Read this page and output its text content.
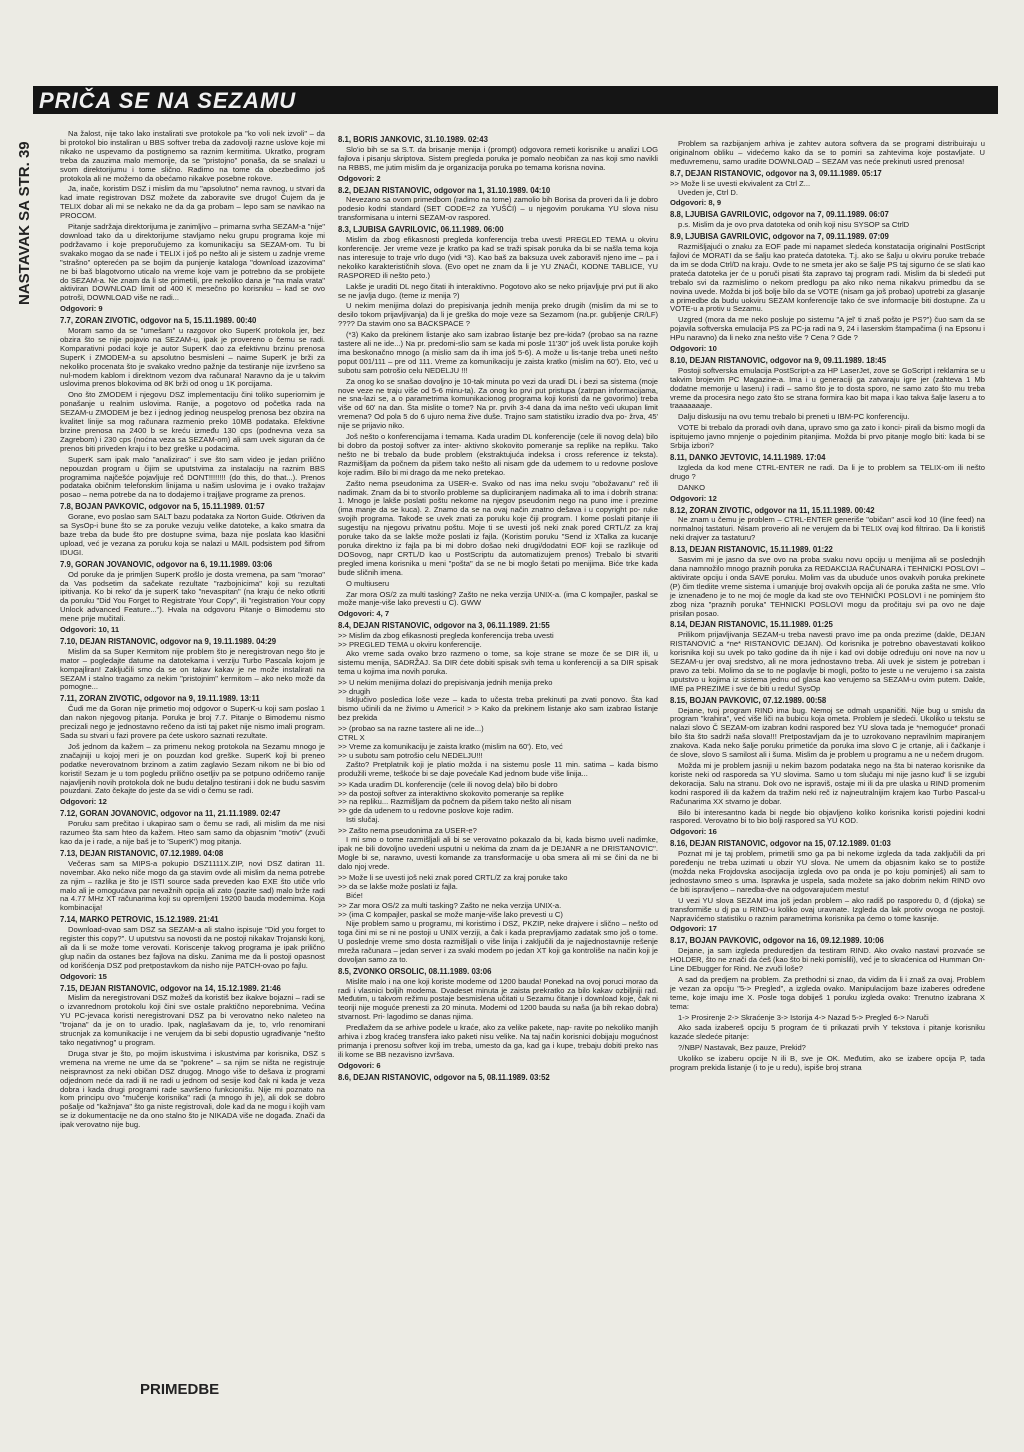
PRIČA SE NA SEZAMU
NASTAVAK SA STR. 39

Na žalost, nije tako lako instalirati sve protokole pa "ko voli nek izvoli" – da bi protokol bio instaliran u BBS softver treba da zadovolji razne uslove koje mi nikako ne uspevamo da postignemo sa raznim kermitima. Ukratko, program treba da zauzima malo memorije, da se "pristojno" ponaša, da se snalazi u svom direktorijumu i tome slično. Radimo na tome da obezbedimo još protokola ali ne možemo da obećamo nikakve posebne rokove.

Ja, inače, koristim DSZ i mislim da mu "apsolutno" nema ravnog, u stvari da kad imate registrovan DSZ možete da zaboravite sve drugo! Čujem da je TELIX dobar ali mi se nekako ne da da ga probam – lepo sam se navikao na PROCOM.

Pitanje sadržaja direktorijuma je zanimljivo – primarna svrha SEZAM-a "nije" download tako da u direktorijume stavljamo neku grupu programa koje mi podržavamo i koje preporučujemo za komunikaciju sa SEZAM-om. Tu bi svakako mogao da se nađe i TELIX i još po nešto ali je sistem u zadnje vreme "strašno" opterećen pa se bojim da punjenje kataloga "download izazovima" ne bi baš blagotvorno uticalo na vreme koje vam je potrebno da se probijete do SEZAM-a. Ne znam da li ste primetili, pre nekoliko dana je "na mala vrata" aktiviran DOWNLOAD limit od 400 K mesečno po korisniku – kad se ovo potroši, DOWNLOAD više ne radi...

Odgovori: 9
7.7, ZORAN ZIVOTIC, odgovor na 5, 15.11.1989. 00:40

Moram samo da se "umešam" u razgovor oko SuperK protokola jer, bez obzira što se nije pojavio na SEZAM-u, ipak je provereno o čemu se radi. Komparativni podaci koje je autor SuperK dao za efektivnu brzinu prenosa SuperK i ZMODEM-a su apsolutno besmisleni – naime SuperK je brži za nekoliko procenata što je svakako vredno pažnje da testiranje nije izvršeno sa nul-modem kablom i direktnom vezom dva računara! Naravno da je u takvim uslovima prenos blokovima od 8K brži od onog u 1K porcijama.

Ono što ZMODEM i njegovu DSZ implementaciju čini toliko superiornim je ponašanje u realnim uslovima. Ranije, a pogotovo od početka rada na SEZAM-u ZMODEM je bez i jednog jedinog neuspelog prenosa bez obzira na kvalitet linije sa mog računara razmenio preko 10MB podataka. Efektivne brzine prenosa na 2400 b se kreću između 130 cps (podnevna veza sa Zagrebom) i 230 cps (noćna veza sa SEZAM-om) ali sam uvek siguran da će prenos biti priveden kraju i to bez greške u podacima.

SuperK sam ipak malo "analizirao" i sve što sam video je jedan prilično nepouzdan program u čijim se uputstvima za instalaciju na raznim BBS programima najčešće pojavljuje reč DONT!!!!!!!! (do this, do that...). Prenos podataka običnim telefonskim linijama u našim uslovima je i ovako tražajav posao – nema potrebe da na to dodajemo i trajljave programe za prenos.

7.8, BOJAN PAVKOVIC, odgovor na 5, 15.11.1989. 01:57

Gorane, evo poslao sam SALT bazu podataka za Norton Guide. Otkriven da sa SysOp-i bune što se za poruke vezuju velike datoteke, a kako smatra da baze treba da bude što pre dostupne svima, baza nije poslata kao klasični upload, već je vezana za poruku koja se nalazi u MAIL podsistem pod šifrom IDUGI.

7.9, GORAN JOVANOVIC, odgovor na 6, 19.11.1989. 03:06

Od poruke da je primljen SuperK prošlo je dosta vremena, pa sam "morao" da Vas podsetim da sačekate rezultate "razbojnicima" koji su rezultati ipitivanja. Ko bi reko' da je superK tako "nevaspitan" (na kraju će neko otkriti da poruku "Did You Forget to Registrate Your Copy", ili "registration Your copy Unlock advanced Feature..."). Hvala na odgovoru Pitanje o Bimodemu sto mene prije mučitali.

Odgovori: 10, 11
7.10, DEJAN RISTANOVIC, odgovor na 9, 19.11.1989. 04:29

Mislim da sa Super Kermitom nije problem što je neregistrovan nego što je mator – pogledajte datume na datotekama i verziju Turbo Pascala kojom je kompajliran! Zaključili smo da se on takav kakav je ne može instalirati na SEZAM i stalno tragamo za nekim "pristojnim" kermitom – ako neko može da pomogne...

7.11, ZORAN ZIVOTIC, odgovor na 9, 19.11.1989. 13:11

Čudi me da Goran nije primetio moj odgovor o SuperK-u koji sam poslao 1 dan nakon njegovog pitanja. Poruka je broj 7.7. Pitanje o Bimodemu nismo precizali nego je jednostavno rečeno da isti taj paket nije nismo imali program. Sada su stvari u fazi provere pa ćete uskoro saznati rezultate.

Još jednom da kažem – za primenu nekog protokola na Sezamu mnogo je značajniji u kojoj meri je on pouzdan kod greške. SuperK koji bi preneo podatke neverovatnom brzinom a zatim zaglavio Sezam nikom ne bi bio od koristi! Sezam je u tom pogledu prilično osetljiv pa se potpuno odričemo ranije najavljenih novih protokola dok ne budu detaljno testirani i dok ne budu sasvim pouzdani. Zato čekajte do jeste da se vidi o čemu se radi.

Odgovori: 12
7.12, GORAN JOVANOVIC, odgovor na 11, 21.11.1989. 02:47

Poruku sam prečitao i ukapirao sam o čemu se radi, ali mislim da me nisi razumeo šta sam hteo da kažem. Hteo sam samo da objasnim "motiv" (zvuči kao da je i rade, a nije baš je to 'SuperK') mog pitanja.

7.13, DEJAN RISTANOVIC, 07.12.1989. 04:08

Večeras sam sa MIPS-a pokupio DSZ1111X.ZIP, novi DSZ datiran 11. novembar. Ako neko niče mogo da ga stavim ovde ali mislim da nema potrebe za njim – razlika je što je ISTI source sada preveden kao EXE što utiče vrlo malo ali je omogućava par nevažnih opcija ali zato (pazite sad) malo brže radi na 4.77 MHz XT računarima koji su opremljeni 19200 bauda modemima. Koja kombinacija!

7.14, MARKO PETROVIC, 15.12.1989. 21:41

Download-ovao sam DSZ sa SEZAM-a ali stalno ispisuje "Did you forget to register this copy?". U uputstvu sa novosti da ne postoji nikakav Trojanski konj, ali da li se može tome verovati. Koriscenje takvog programa je ipak prilično glup način da ostanes bez fajlova na disku. Zanima me da li postoji opasnost od korišćenja DSZ pod pretpostavkom da nisho nije PATCH-ovao po fajlu.

Odgovori: 15
7.15, DEJAN RISTANOVIC, odgovor na 14, 15.12.1989. 21:46

Mislim da neregistrovani DSZ možeš da koristiš bez ikakve bojazni – radi se o izvanrednom protokolu koji čini sve ostale praktično neporebnima. Većina YU PC-jevaca koristi neregistrovani DSZ pa bi verovatno neko naleteo na "trojana" da je on to uradio. Ipak, naglašavam da je, to, vrlo renomirani strucnjak za komunikacije i ne verujem da bi sebi dopustio ugrađivanje "nešto tako negativnog" u program.

Druga stvar je što, po mojim iskustvima i iskustvima par korisnika, DSZ s vremena na vreme ne ume da se "pokrene" – sa njim se ništa ne registruje neispravnost za neki običan DSZ drugog. Mnogo više to dešava iz programi odjednom neće da radi ili ne radi u jednom od sesije kod čak ni kada je veza dobra i kada drugi programi rade savršeno funkcionišu. Nije mi poznato na kom principu ovo "mučenje korisnika" radi (a mnogo ih je), ali dok se dobro pošalje od "kažnjava" što ga niste registrovali, dole kad da ne mogu i kojih vam se iz dokumentacije ne da ono stalno što je NIKADA više ne događa. Znači da ipak verovatno nije bug.

8.1, BORIS JANKOVIC, 31.10.1989. 02:43

Slo'io bih se sa S.T. da brisanje menija i (prompt) odgovora remeti korisnike u analizi LOG fajlova i pisanju skriptova. Sistem pregleda poruka je pomalo neobičan za nas koji smo navikli na RBBS, me jutim mislim da je organizacija poruka po temama korisna novina.

Odgovori: 2
8.2, DEJAN RISTANOVIC, odgovor na 1, 31.10.1989. 04:10

Nevezano sa ovom primedbom (radimo na tome) zamolio bih Borisa da proveri da li je dobro podesio kodni standard (SET CODE=2 za YUŠČI) – u njegovim porukama YU slova nisu transformisana u interni SEZAM-ov raspored.

8.3, LJUBISA GAVRILOVIC, 06.11.1989. 06:00

Mislim da zbog efikasnosti pregleda konferencija treba uvesti PREGLED TEMA u okviru konferencije. Jer vreme veze je kratko pa kad se traži spisak poruka da bi se našla tema koja nas interesuje to traje vrlo dugo (vidi *3). Kao baš za baksuza uvek zaboraviš njeno ime – pa i nekoliko karakterističnih slova. (Evo opet ne znam da li je YU ZNAČI, KODNE TABLICE, YU RASPORED ili nešto peto.)

Lakše je uraditi DL nego čitati ih interaktivno. Pogotovo ako se neko prijavljuje prvi put ili ako se ne javlja dugo. (teme iz menija ?)

U nekim menijima dolazi do prepisivanja jednih menija preko drugih (mislim da mi se to desilo tokom prijavljivanja) da li je greška do moje veze sa Sezamom (na.pr. gubljenje CR/LF) ???? Da stavim ono sa BACKSPACE ?

(*3) Kako da prekinem listanje ako sam izabrao listanje bez pre-kida? (probao sa na razne tastere ali ne ide...) Na pr. predomi-slio sam se kada mi posle 11'30" još uvek lista poruke kojih ima beskonačno mnogo (a mislio sam da ih ima još 5-6). A može u lis-tanje treba uneti nešto poput 001/111 – pre od 111. Vreme za komunikaciju je zaista kratko (mislim na 60'). Eto, već u subotu sam potrošio celu NEDELJU !!!

Za onog ko se snašao dovoljno je 10-tak minuta po vezi da uradi DL i bezi sa sistema (moje nove veze ne traju više od 5-6 minu-ta). Za onog ko prvi put pristupa (zatrpan informacijama, ne sna-lazi se, a o parametrima komunikacionog programa koji koristi da ne govorimo) treba više od 60' na dan. Šta mislite o tome? Na pr. prvih 3-4 dana da ima nešto veći ukupan limit vremena? Od pola 5 do 6 ujuro nema živе duše. Trajno sam statistiku izradio dva po- žrva, 45' nije se prijavio niko.

Još nešto o konferencijama i temama. Kada uradim DL konferencije (cele ili novog dela) bilo bi dobro da postoji softver za inter- aktivno skokovito pomeranje sa replike na repliku. Tako nešto ne bi trebalo da bude problem (ekstraktujuća indeksa i cross reference iz teksta). Razmišljam da počnem da pišem tako nešto ali nisam gde da udemem to u redovne poslove koje radim. Bilo bi mi drago da me neko pretekao.

Zašto nema pseudonima za USER-e. Svako od nas ima neku svoju "obožavanu" reč ili nadimak. Znam da bi to stvorilo probleme sa dupliciranjem nadimaka ali to ima i dobrih strana: 1. Mnogo je lakše poslati poštu nekome na njegov pseudonim nego na puno ime i prezime (ima manje da se kuca). 2. Znamo da se na ovaj način znatno dešava i u copyright po- ruke svojih programa. Takođe se uvek znati za poruku koje čiji program. I kome poslati pitanje ili sugestiju na njegovu privatnu poštu. Moje ti se uvesti još neki znak pored CRTL/Z za kraj poruke tako da se lakše može poslati iz fajla. (Koristim poruku "Send iz XTalka za kucanje poruka direktno iz fajla pa bi mi dobro došao neki drugi/dodatni EOF koji se razlikuje od DOSovog, napr CRTL/D kao u PostScriptu da automatizujem prenos) Trebalo bi stvariti pregled imena korisnika u meni "pošta" da se ne bi moglo šetati po menijima. Biće trke kada bude sličnih imena.

O multiuseru

Zar mora OS/2 za multi tasking? Zašto ne neka verzija UNIX-a. (ima C kompajler, paskal se može manje-više lako prevesti u C). GWW

Odgovori: 4, 7
8.4, DEJAN RISTANOVIC, odgovor na 3, 06.11.1989. 21:55

>> Mislim da zbog efikasnosti pregleda konferencija treba uvesti

>> PREGLED TEMA u okviru konferencije.

Ako vreme sada ovako brzo razmeno o tome, sa koje strane se moze če se DIR ili, u sistemu menija, SADRŽAJ. Sa DIR ćete dobiti spisak svih tema u konferenciji a sa DIR spisak tema u kojima ima novih poruka.

>> U nekim menijima dolazi do prepisivanja jednih menija preko

>> drugih

Isključivo posledica loše veze – kada to učesta treba prekinuti pa zvati ponovo. Šta kad bismo učinili da ne živimo u Americi! > > Kako da prekinem listanje ako sam izabrao listanje bez prekida

>> (probao sa na razne tastere ali ne ide...)

CTRL X

>> Vreme za komunikaciju je zaista kratko (mislim na 60'). Eto, već

>> u subotu sam potrošio celu NEDELJU!!!

Zašto? Pretplatnik koji je platio možda i na sistemu posle 11 min. satima – kada bismo produžili vreme, teškoće bi se daje povećale Kad jednom bude više linija...

>> Kada uradim DL konferencije (cele ili novog dela) bilo bi dobro

>> da postoji softver za interaktivno skokovito pomeranje sa replike

>> na repliku... Razmišljam da počnem da pišem tako nešto ali nisam

>> gde da udenem to u redovne poslove koje radim.

Isti slučaj.

>> Zašto nema pseudonima za USER-e?

I mi smo o tome razmišljali ali bi se verovatno pokazalo da bi, kada bismo uveli nadimke, ipak ne bili dovoljno uvedeni usputni u nekima da znam da je DEJANR a ne DRISTANOVIC". Mogle bi se, naravno, uvesti komande za transformacije u oba smera ali mi se čini da ne bi dalo njoj vrede.

>> Može li se uvesti još neki znak pored CRTL/Z za kraj poruke tako

>> da se lakše može poslati iz fajla.

Biće!

>> Zar mora OS/2 za multi tasking? Zašto ne neka verzija UNIX-a.

>> (ima C kompajler, paskal se može manje-više lako prevesti u C)

Nije problem samo u programu, mi koristimo i DSZ, PKZIP, neke drajvere i slično – nešto od toga čini mi se ni ne postoji u UNIX verziji, a čak i kada prepravljamo zadatak smo još o tome. U poslednje vreme smo dosta razmišljali o više linija i zaključili da je najjednostavnije rešenje mreža računara – jedan server i za svaki modem po jedan XT koji ga kontroliše na način koji je dovoljan samo za to.

8.5, ZVONKO ORSOLIC, 08.11.1989. 03:06

Mislite malo i na one koji koriste modeme od 1200 bauda! Ponekad na ovoj poruci morao da radi i vlasnici boljih modema. Dvadeset minuta je zaista prekratko za bilo kakav ozbiljniji rad. Međutim, u takvom režimu postaje besmislena učitati u Sezamu čitanje i download koje, čak ni teoriji nije moguće prenesti za 20 minuta. Modemi od 1200 bauda su naša (ja bih rekao dobra) stvarnost. Pri- lagodimo se danas njima.

Predlažem da se arhive podele u kraće, ako za velike pakete, nap- ravite po nekoliko manjih arhiva i zbog kraćeg transfera iako paketi nisu velike. Na taj način korisnici dobijaju mogućnost primanja i prenosu softver koji im treba, umesto da ga, kad ga i kupe, trebaju dobiti preko nas ili kome se BB nezavisno izvršava.

Odgovori: 6
8.6, DEJAN RISTANOVIC, odgovor na 5, 08.11.1989. 03:52

Problem sa razbijanjem arhiva je zahtev autora softvera da se programi distribuiraju u originalnom obliku – videćemo kako da se to pomiri sa zahtevima koje postavljate. U međuvremenu, samo uradite DOWNLOAD – SEZAM vas neće prekinuti usred prenosa!

8.7, DEJAN RISTANOVIC, odgovor na 3, 09.11.1989. 05:17

>> Može li se uvesti ekvivalent za Ctrl Z...

Uveden je, Ctrl D.

Odgovori: 8, 9
8.8, LJUBISA GAVRILOVIC, odgovor na 7, 09.11.1989. 06:07

p.s. Mislim da je ovo prva datoteka od onih koji nisu SYSOP sa CtrlD

8.9, LJUBISA GAVRILOVIC, odgovor na 7, 09.11.1989. 07:09

Razmišljajući o znaku za EOF pade mi napamet sledeća konstatacija originalni PostScript fajlovi će MORATI da se šalju kao prateća datoteka. T.j. ako se šalju u okviru poruke trebaće da im se doda Ctrl/D na kraju. Ovde to ne smeta jer ako se šalje PS taj sigurno će se slati kao prateća datoteka jer će u poruči pisati šta zapravo taj program radi. Mislim da bi sledeći put trebalo svi da razmislimo o nekom predlogu pa ako niko nema nikakvu primedbu da se novina uvede. Možda bi još bolje bilo da se VOTE (nisam ga još probao) upotrebi za glasanje a primedbe da budu uokviru SEZAM konferencije tako će sve informacije biti dostupne. Za u VOTE-u a protiv u Sezamu.

Uzgred (mora da me neko posluje po sistemu "A jel' ti znaš pošto je PS?") čuo sam da se pojavila softverska emulacija PS za PC-ja radi na 9, 24 i laserskim štampačima (i na Epsonu i HPu naravno) da li neko zna nešto više ? Cena ? Gde ?

Odgovori: 10
8.10, DEJAN RISTANOVIC, odgovor na 9, 09.11.1989. 18:45

Postoji softverska emulacija PostScript-a za HP LaserJet, zove se GoScript i reklamira se u takvim brojevim PC Magazine-a. Ima i u generaciji ga zatvaraju igre jer (zahteva 1 Mb dodatne memorije u laseru) i radi – samo što je to dosta sporo, ne samo zato što mu treba vreme da procesira nego zato što se strana formira kao bit mapa i kao takva šalje laseru a to traaaaaaaje.

Dalju diskusiju na ovu temu trebalo bi preneti u IBM-PC konferenciju.

VOTE bi trebalo da proradi ovih dana, upravo smo ga zato i konci- pirali da bismo mogli da ispitujemo javno mnjenje o pojedinim pitanjima. Možda bi prvo pitanje moglo biti: kada bi se Srbija izbori?

8.11, DANKO JEVTOVIC, 14.11.1989. 17:04

Izgleda da kod mene CTRL-ENTER ne radi. Da li je to problem sa TELIX-om ili nešto drugo ?

DANKO

Odgovori: 12
8.12, ZORAN ZIVOTIC, odgovor na 11, 15.11.1989. 00:42

Ne znam u čemu je problem – CTRL-ENTER generiše "običan" ascii kod 10 (line feed) na normalnoj tastaturi. Nisam proverio ali ne verujem da bi TELIX ovaj kod filtrirao. Da li koristiš neki drajver za tastaturu?

8.13, DEJAN RISTANOVIC, 15.11.1989. 01:22

Sasvim mi je jasno da sve ovo na proba svaku novu opciju u menijima ali se poslednjih dana namnožilo mnogo praznih poruka za REDAKCIJA RAČUNARA i TEHNICKI POSLOVI – aktivirate opciju i onda SAVE poruku. Molim vas da ubuduće unos ovakvih poruka prekinete (P) čim tlediite vreme sistema i umanjuje broj ovakvih opcija ali će poruka zašta ne sme. Vrlo je iznenađeno je to ne moj će mogle da kad ste ovo TEHNIČKI POSLOVI i ne pominjem što zbog niza "praznih poruka" TEHNICKI POSLOVI mogu da pročitaju svi pa ovo ne daje prisilan posao.

8.14, DEJAN RISTANOVIC, 15.11.1989. 01:25

Prilikom prijavljivanja SEZAM-u treba navesti pravo ime pa onda prezime (dakle, DEJAN RISTANOVIĆ a *ne* RISTANOVIC DEJAN). Od korisnika je potrebno obavestavati kolikoo korisnika koji su uvek po tako godine da ih nije i kad ovi dobije određuju oni nove na nov u SEZAM-u jer ovaj sredstvo, ali ne mora jednostavno treba. Ali uvek je sistem je potreban i pravo za tebi. Molimo da se to ne poglavlje bi mogli, pošto to jeste u ne verujemo i sa zaista uputstvo u kojima iz sistema jednu od glasa kao verujemo sa SEZAM-u ovim putem. Dakle, IME pa PREZIME i sve će biti u redu! SysOp

8.15, BOJAN PAVKOVIC, 07.12.1989. 00:58

Dejane, tvoj program RIND ima bug. Nemoj se odmah uspaničiti. Nije bug u smislu da program "krahira", već više liči na bubicu koja ometa. Problem je sledeći. Ukoliko u tekstu se nalazi slovo Č SEZAM-om izabran kodni raspored bez YU slova tada je *nemoguće* pronaći bilo šta što sadrži naša slova!!! Pretpostavljam da je to uzrokovano nepravilnim mapiranjem znakova. Kada neko šalje poruku primetiće da poruka ima slovo C je crtanje, ali i čačkanje i će slove, slovo S samilost ali i šuma. Mislim da je problem u programu a ne u nečem drugom.

Možda mi je problem jasniji u nekim bazom podataka nego na šta bi naterao korisnike da koriste neki od rasporeda sa YU slovima. Samo u tom slučaju mi nije jasno kud' li se izgubi dekoracija. Salu na stranu. Dok ovo ne ispraviš, ostaje mi ili da pre ulaska u RIND promenim kodni raspored ili da kažem da tražim neki reč iz najneutralnijim krajem kao Turbo Pascal-u Računarima XX stvarno je dobar.

Bilo bi interesantno kada bi negde bio objavljeno koliko korisnika koristi pojedini kodni raspored. Verovatno bi to bio bolji raspored sa YU KOD.

Odgovori: 16
8.16, DEJAN RISTANOVIC, odgovor na 15, 07.12.1989. 01:03

Poznat mi je taj problem, primetili smo ga pa bi nekome izgleda da tada zaključili da pri poređenju ne treba uzimati u obzir YU slova. Ne umem da objasnim kako se to postiže (možda neka Frojdovska asocijacija izgleda ovo pa onda je po koju pominješ) ali sam to jednostavno smeo s uma. Ispravka je uspela, sada možete sa jako dobrim nekim RIND ovo će biti ispravljeno – naredba-dve na odgovarajućem mestu!

U vezi YU slova SEZAM ima još jedan problem – ako radiš po rasporedu 0, đ (djoka) se transformiše u dj pa u RIND-u koliko ovaj uravnate. Izgleda da lak protiv ovoga ne postoji. Napravićemo statistiku o raznim parametrima korisnika pa ćemo o tome kasnije.

Odgovori: 17
8.17, BOJAN PAVKOVIC, odgovor na 16, 09.12.1989. 10:06

Dejane, ja sam izgleda preduredjen da testiram RIND. Ako ovako nastavi prozvaće se HOLDER, što ne znači da ćeš (kao što bi neki pomislili), već je to skraćenica od Humman On-Line DEbugger for Rind. Ne zvuči loše?

A sad da predjem na problem. Za prethodni si znao, da vidim da li i znaš za ovaj. Problem je vezan za opciju "5-> Pregled", a izgleda ovako. Manipulacijom baze izaberes određene teme, koje imaju ime X. Posle toga dobiješ 1 poruku izgleda ovako: Trenutno izabrana X tema:

1-> Prosirenje 2-> Skraćenje 3-> Istorija 4-> Nazad 5-> Pregled 6-> Naruči

Ako sada izabereš opciju 5 program će ti prikazati prvih Y tekstova i pitanje korisniku kazaće sledeće pitanje:

?/NBP/ Nastavak, Bez pauze, Prekid?

Ukoliko se izaberu opcije N ili B, sve je OK. Međutim, ako se izabere opcija P, tada program prekida listanje (i to je u redu), ispiše broj strana

PRIMEDBE
